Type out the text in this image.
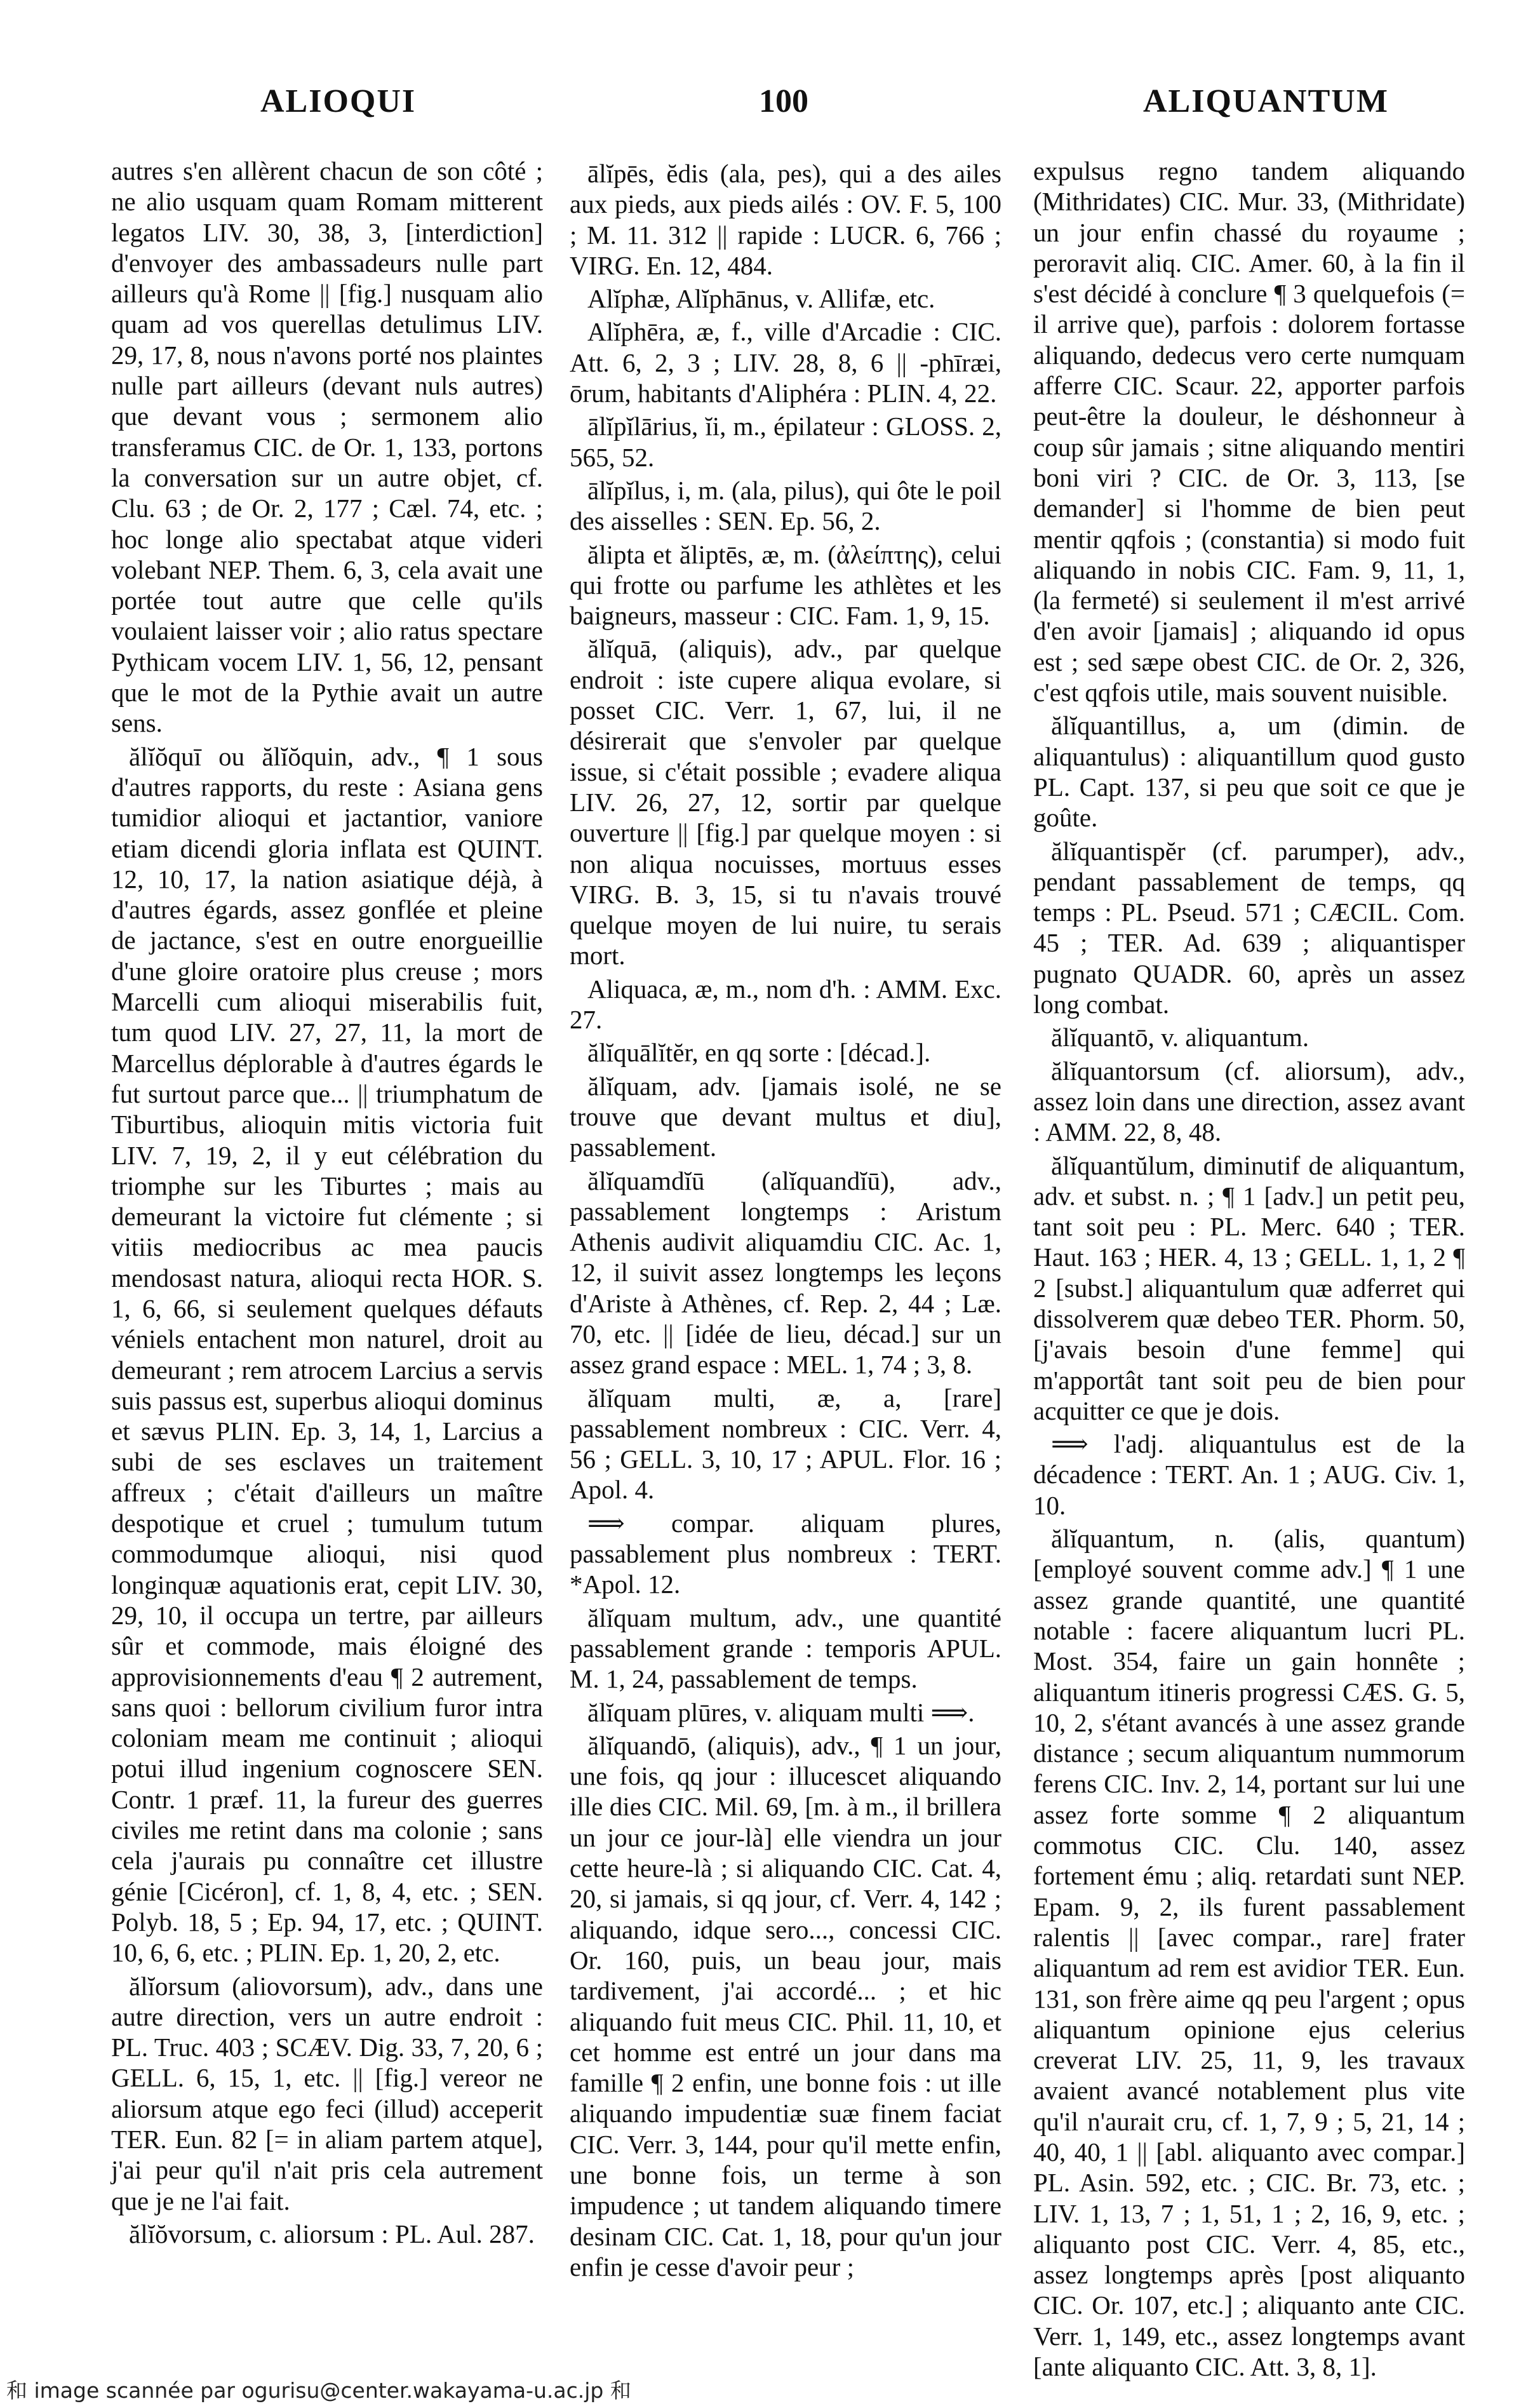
ALIOQUI	100	ALIQUANTUM

autres s'en allèrent chacun de son côté ; ne alio usquam quam Romam mitterent legatos LIV. 30, 38, 3, [interdiction] d'envoyer des ambassadeurs nulle part ailleurs qu'à Rome || [fig.] nusquam alio quam ad vos querellas detulimus LIV. 29, 17, 8, nous n'avons porté nos plaintes nulle part ailleurs (devant nuls autres) que devant vous ; sermonem alio transferamus CIC. de Or. 1, 133, portons la conversation sur un autre objet, cf. Clu. 63 ; de Or. 2, 177 ; Cæl. 74, etc. ; hoc longe alio spectabat atque videri volebant NEP. Them. 6, 3, cela avait une portée tout autre que celle qu'ils voulaient laisser voir ; alio ratus spectare Pythicam vocem LIV. 1, 56, 12, pensant que le mot de la Pythie avait un autre sens.

ălĭŏquī ou ălĭŏquin, adv., ¶ 1 sous d'autres rapports, du reste : Asiana gens tumidior alioqui et jactantior, vaniore etiam dicendi gloria inflata est QUINT. 12, 10, 17, la nation asiatique déjà, à d'autres égards, assez gonflée et pleine de jactance, s'est en outre enorgueillie d'une gloire oratoire plus creuse ; mors Marcelli cum alioqui miserabilis fuit, tum quod LIV. 27, 27, 11, la mort de Marcellus déplorable à d'autres égards le fut surtout parce que... || triumphatum de Tiburtibus, alioquin mitis victoria fuit LIV. 7, 19, 2, il y eut célébration du triomphe sur les Tiburtes ; mais au demeurant la victoire fut clémente ; si vitiis mediocribus ac mea paucis mendosast natura, alioqui recta HOR. S. 1, 6, 66, si seulement quelques défauts véniels entachent mon naturel, droit au demeurant ; rem atrocem Larcius a servis suis passus est, superbus alioqui dominus et sævus PLIN. Ep. 3, 14, 1, Larcius a subi de ses esclaves un traitement affreux ; c'était d'ailleurs un maître despotique et cruel ; tumulum tutum commodumque alioqui, nisi quod longinquæ aquationis erat, cepit LIV. 30, 29, 10, il occupa un tertre, par ailleurs sûr et commode, mais éloigné des approvisionnements d'eau ¶ 2 autrement, sans quoi : bellorum civilium furor intra coloniam meam me continuit ; alioqui potui illud ingenium cognoscere SEN. Contr. 1 præf. 11, la fureur des guerres civiles me retint dans ma colonie ; sans cela j'aurais pu connaître cet illustre génie [Cicéron], cf. 1, 8, 4, etc. ; SEN. Polyb. 18, 5 ; Ep. 94, 17, etc. ; QUINT. 10, 6, 6, etc. ; PLIN. Ep. 1, 20, 2, etc.

ălĭorsum (aliovorsum), adv., dans une autre direction, vers un autre endroit : PL. Truc. 403 ; SCÆV. Dig. 33, 7, 20, 6 ; GELL. 6, 15, 1, etc. || [fig.] vereor ne aliorsum atque ego feci (illud) acceperit TER. Eun. 82 [= in aliam partem atque], j'ai peur qu'il n'ait pris cela autrement que je ne l'ai fait.

ălĭŏvorsum, c. aliorsum : PL. Aul. 287.

ālĭpēs, ĕdis (ala, pes), qui a des ailes aux pieds, aux pieds ailés : OV. F. 5, 100 ; M. 11. 312 || rapide : LUCR. 6, 766 ; VIRG. En. 12, 484.

Alĭphæ, Alĭphānus, v. Allifæ, etc.

Alĭphēra, æ, f., ville d'Arcadie : CIC. Att. 6, 2, 3 ; LIV. 28, 8, 6 || -phīræi, ōrum, habitants d'Aliphéra : PLIN. 4, 22.

ālĭpĭlārius, ĭi, m., épilateur : GLOSS. 2, 565, 52.

ālĭpĭlus, i, m. (ala, pilus), qui ôte le poil des aisselles : SEN. Ep. 56, 2.

ălipta et ăliptēs, æ, m. (ἀλείπτης), celui qui frotte ou parfume les athlètes et les baigneurs, masseur : CIC. Fam. 1, 9, 15.

ălĭquā, (aliquis), adv., par quelque endroit : iste cupere aliqua evolare, si posset CIC. Verr. 1, 67, lui, il ne désirerait que s'envoler par quelque issue, si c'était possible ; evadere aliqua LIV. 26, 27, 12, sortir par quelque ouverture || [fig.] par quelque moyen : si non aliqua nocuisses, mortuus esses VIRG. B. 3, 15, si tu n'avais trouvé quelque moyen de lui nuire, tu serais mort.

Aliquaca, æ, m., nom d'h. : AMM. Exc. 27.

ălĭquālĭtĕr, en qq sorte : [décad.].

ălĭquam, adv. [jamais isolé, ne se trouve que devant multus et diu], passablement.

ălĭquamdĭū (alĭquandĭū), adv., passablement longtemps : Aristum Athenis audivit aliquamdiu CIC. Ac. 1, 12, il suivit assez longtemps les leçons d'Ariste à Athènes, cf. Rep. 2, 44 ; Læ. 70, etc. || [idée de lieu, décad.] sur un assez grand espace : MEL. 1, 74 ; 3, 8.

ălĭquam multi, æ, a, [rare] passablement nombreux : CIC. Verr. 4, 56 ; GELL. 3, 10, 17 ; APUL. Flor. 16 ; Apol. 4.

⟹ compar. aliquam plures, passablement plus nombreux : TERT. *Apol. 12.

ălĭquam multum, adv., une quantité passablement grande : temporis APUL. M. 1, 24, passablement de temps.

ălĭquam plūres, v. aliquam multi ⟹.

ălĭquandō, (aliquis), adv., ¶ 1 un jour, une fois, qq jour : illucescet aliquando ille dies CIC. Mil. 69, [m. à m., il brillera un jour ce jour-là] elle viendra un jour cette heure-là ; si aliquando CIC. Cat. 4, 20, si jamais, si qq jour, cf. Verr. 4, 142 ; aliquando, idque sero..., concessi CIC. Or. 160, puis, un beau jour, mais tardivement, j'ai accordé... ; et hic aliquando fuit meus CIC. Phil. 11, 10, et cet homme est entré un jour dans ma famille ¶ 2 enfin, une bonne fois : ut ille aliquando impudentiæ suæ finem faciat CIC. Verr. 3, 144, pour qu'il mette enfin, une bonne fois, un terme à son impudence ; ut tandem aliquando timere desinam CIC. Cat. 1, 18, pour qu'un jour enfin je cesse d'avoir peur ;

expulsus regno tandem aliquando (Mithridates) CIC. Mur. 33, (Mithridate) un jour enfin chassé du royaume ; peroravit aliq. CIC. Amer. 60, à la fin il s'est décidé à conclure ¶ 3 quelquefois (= il arrive que), parfois : dolorem fortasse aliquando, dedecus vero certe numquam afferre CIC. Scaur. 22, apporter parfois peut-être la douleur, le déshonneur à coup sûr jamais ; sitne aliquando mentiri boni viri ? CIC. de Or. 3, 113, [se demander] si l'homme de bien peut mentir qqfois ; (constantia) si modo fuit aliquando in nobis CIC. Fam. 9, 11, 1, (la fermeté) si seulement il m'est arrivé d'en avoir [jamais] ; aliquando id opus est ; sed sæpe obest CIC. de Or. 2, 326, c'est qqfois utile, mais souvent nuisible.

ălĭquantillus, a, um (dimin. de aliquantulus) : aliquantillum quod gusto PL. Capt. 137, si peu que soit ce que je goûte.

ălĭquantispĕr (cf. parumper), adv., pendant passablement de temps, qq temps : PL. Pseud. 571 ; CÆCIL. Com. 45 ; TER. Ad. 639 ; aliquantisper pugnato QUADR. 60, après un assez long combat.

ălĭquantō, v. aliquantum.

ălĭquantorsum (cf. aliorsum), adv., assez loin dans une direction, assez avant : AMM. 22, 8, 48.

ălĭquantŭlum, diminutif de aliquantum, adv. et subst. n. ; ¶ 1 [adv.] un petit peu, tant soit peu : PL. Merc. 640 ; TER. Haut. 163 ; HER. 4, 13 ; GELL. 1, 1, 2 ¶ 2 [subst.] aliquantulum quæ adferret qui dissolverem quæ debeo TER. Phorm. 50, [j'avais besoin d'une femme] qui m'apportât tant soit peu de bien pour acquitter ce que je dois.

⟹ l'adj. aliquantulus est de la décadence : TERT. An. 1 ; AUG. Civ. 1, 10.

ălĭquantum, n. (alis, quantum) [employé souvent comme adv.] ¶ 1 une assez grande quantité, une quantité notable : facere aliquantum lucri PL. Most. 354, faire un gain honnête ; aliquantum itineris progressi CÆS. G. 5, 10, 2, s'étant avancés à une assez grande distance ; secum aliquantum nummorum ferens CIC. Inv. 2, 14, portant sur lui une assez forte somme ¶ 2 aliquantum commotus CIC. Clu. 140, assez fortement ému ; aliq. retardati sunt NEP. Epam. 9, 2, ils furent passablement ralentis || [avec compar., rare] frater aliquantum ad rem est avidior TER. Eun. 131, son frère aime qq peu l'argent ; opus aliquantum opinione ejus celerius creverat LIV. 25, 11, 9, les travaux avaient avancé notablement plus vite qu'il n'aurait cru, cf. 1, 7, 9 ; 5, 21, 14 ; 40, 40, 1 || [abl. aliquanto avec compar.] PL. Asin. 592, etc. ; CIC. Br. 73, etc. ; LIV. 1, 13, 7 ; 1, 51, 1 ; 2, 16, 9, etc. ; aliquanto post CIC. Verr. 4, 85, etc., assez longtemps après [post aliquanto CIC. Or. 107, etc.] ; aliquanto ante CIC. Verr. 1, 149, etc., assez longtemps avant [ante aliquanto CIC. Att. 3, 8, 1].

和 image scannée par ogurisu@center.wakayama-u.ac.jp 和
